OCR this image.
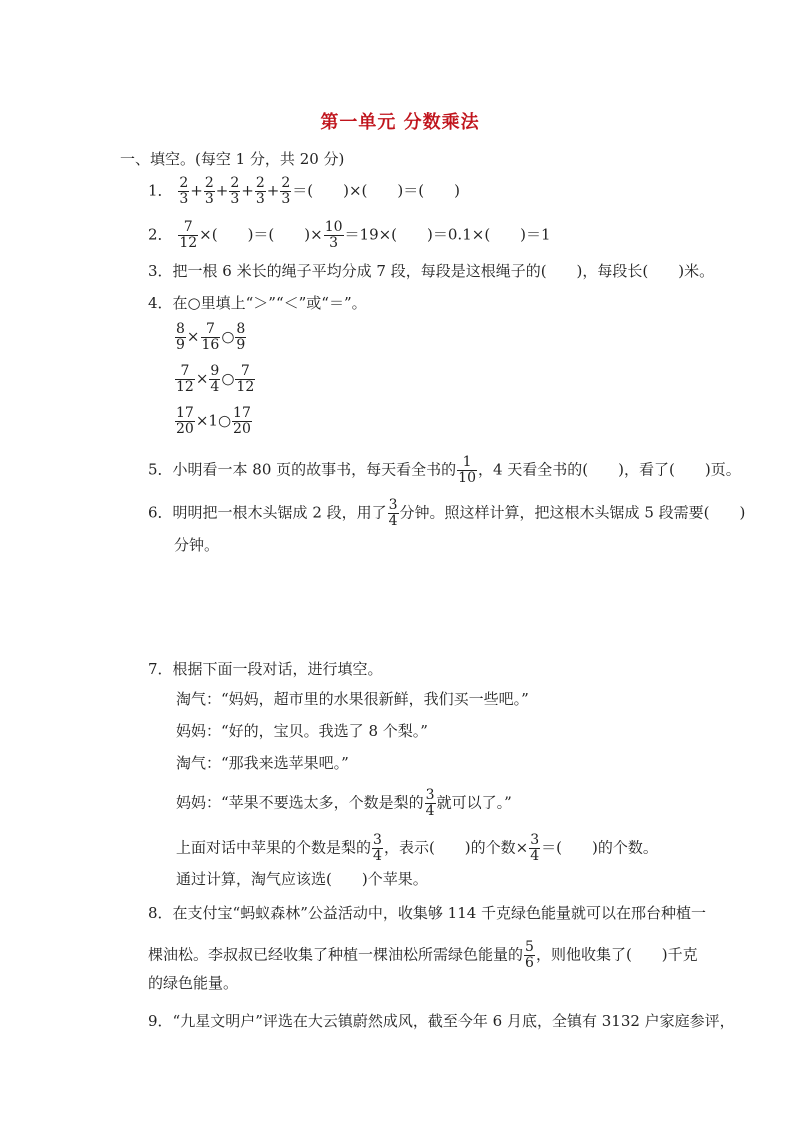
第一单元 分数乘法
一、填空。(每空 1 分，共 20 分)
1． $\frac{2}{3} + \frac{2}{3} + \frac{2}{3} + \frac{2}{3} + \frac{2}{3}$ ＝(　　)×(　　)＝(　　)
2． $\frac{7}{12}$ ×(　　)＝(　　)× $\frac{10}{3} =19\times$(　　)＝0.1×(　　)＝1
3．把一根 6 米长的绳子平均分成 7 段，每段是这根绳子的(　　)，每段长(　　)米。
4．在○里填上“＞”“＜”或“＝”。
$\frac{8}{9} \times \frac{7}{16}$ ○ $\frac{8}{9}$
$\frac{7}{12} \times \frac{9}{4}$ ○ $\frac{7}{12}$
$\frac{17}{20}$ ×1○ $\frac{17}{20}$
5．小明看一本 80 页的故事书，每天看全书的 $\frac{1}{10}$ ，4 天看全书的(　　)，看了(　　)页。
6．明明把一根木头锯成 2 段，用了 $\frac{3}{4}$ 分钟。照这样计算，把这根木头锯成 5 段需要(　　)
分钟。
7．根据下面一段对话，进行填空。
淘气：“妈妈，超市里的水果很新鲜，我们买一些吧。”
妈妈：“好的，宝贝。我选了 8 个梨。”
淘气：“那我来选苹果吧。”
妈妈：“苹果不要选太多，个数是梨的 $\frac{3}{4}$ 就可以了。”
上面对话中苹果的个数是梨的 $\frac{3}{4}$ ，表示(　　)的个数× $\frac{3}{4}$ ＝(　　)的个数。
通过计算，淘气应该选(　　)个苹果。
8．在支付宝“蚂蚁森林”公益活动中，收集够 114 千克绿色能量就可以在邢台种植一
棵油松。李叔叔已经收集了种植一棵油松所需绿色能量的 $\frac{5}{6}$ ，则他收集了(　　)千克
的绿色能量。
9．“九星文明户”评选在大云镇蔚然成风，截至今年 6 月底，全镇有 3132 户家庭参评，
